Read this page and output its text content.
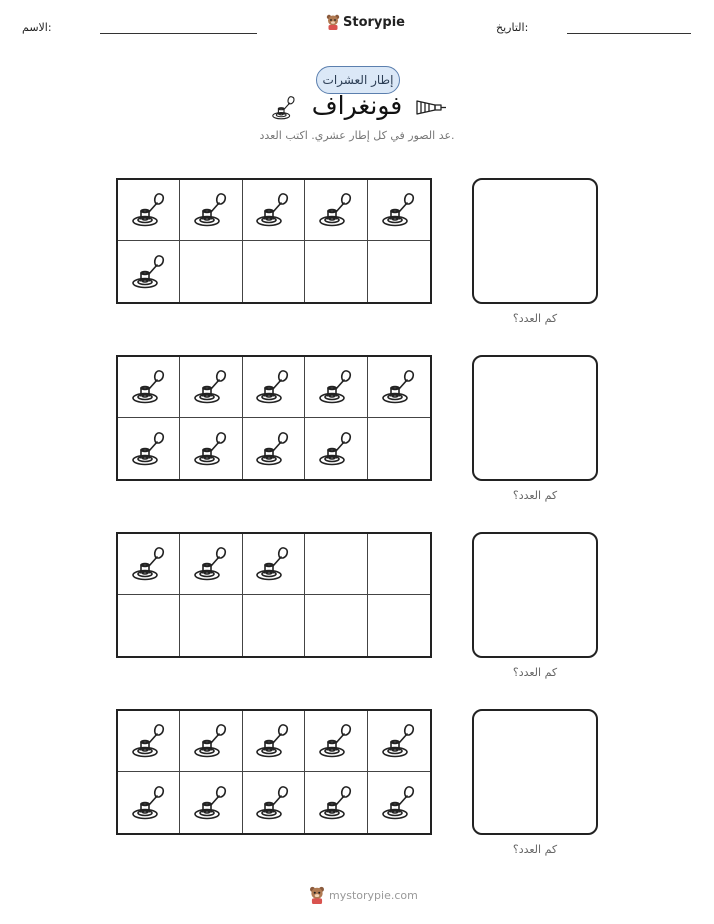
الاسم:	Storypie	التاريخ:
إطار العشرات
فونغراف
عد الصور في كل إطار عشري. اكتب العدد.
كم العدد؟
كم العدد؟
كم العدد؟
كم العدد؟
mystorypie.com
